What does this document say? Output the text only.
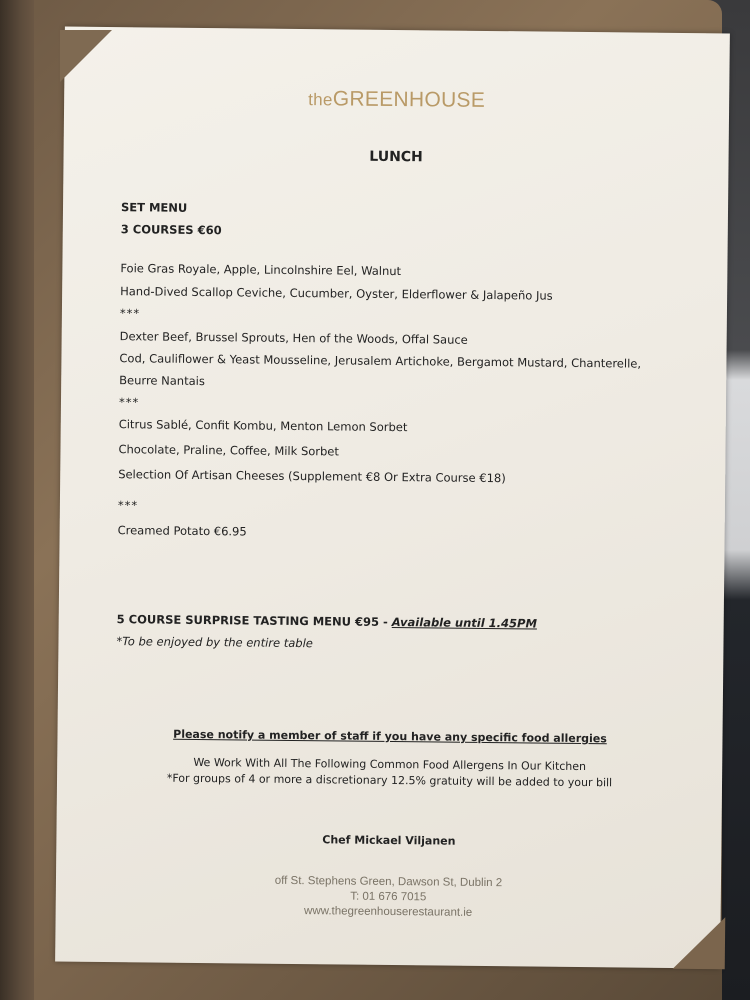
theGREENHOUSE
LUNCH
SET MENU
3 COURSES €60
Foie Gras Royale, Apple, Lincolnshire Eel, Walnut
Hand-Dived Scallop Ceviche, Cucumber, Oyster, Elderflower & Jalapeño Jus
***
Dexter Beef, Brussel Sprouts, Hen of the Woods, Offal Sauce
Cod, Cauliflower & Yeast Mousseline, Jerusalem Artichoke, Bergamot Mustard, Chanterelle,
Beurre Nantais
***
Citrus Sablé, Confit Kombu, Menton Lemon Sorbet
Chocolate, Praline, Coffee, Milk Sorbet
Selection Of Artisan Cheeses (Supplement €8 Or Extra Course €18)
***
Creamed Potato €6.95
5 COURSE SURPRISE TASTING MENU €95 - Available until 1.45PM
*To be enjoyed by the entire table
Please notify a member of staff if you have any specific food allergies
We Work With All The Following Common Food Allergens In Our Kitchen
*For groups of 4 or more a discretionary 12.5% gratuity will be added to your bill
Chef Mickael Viljanen
off St. Stephens Green, Dawson St, Dublin 2
T: 01 676 7015
www.thegreenhouserestaurant.ie
